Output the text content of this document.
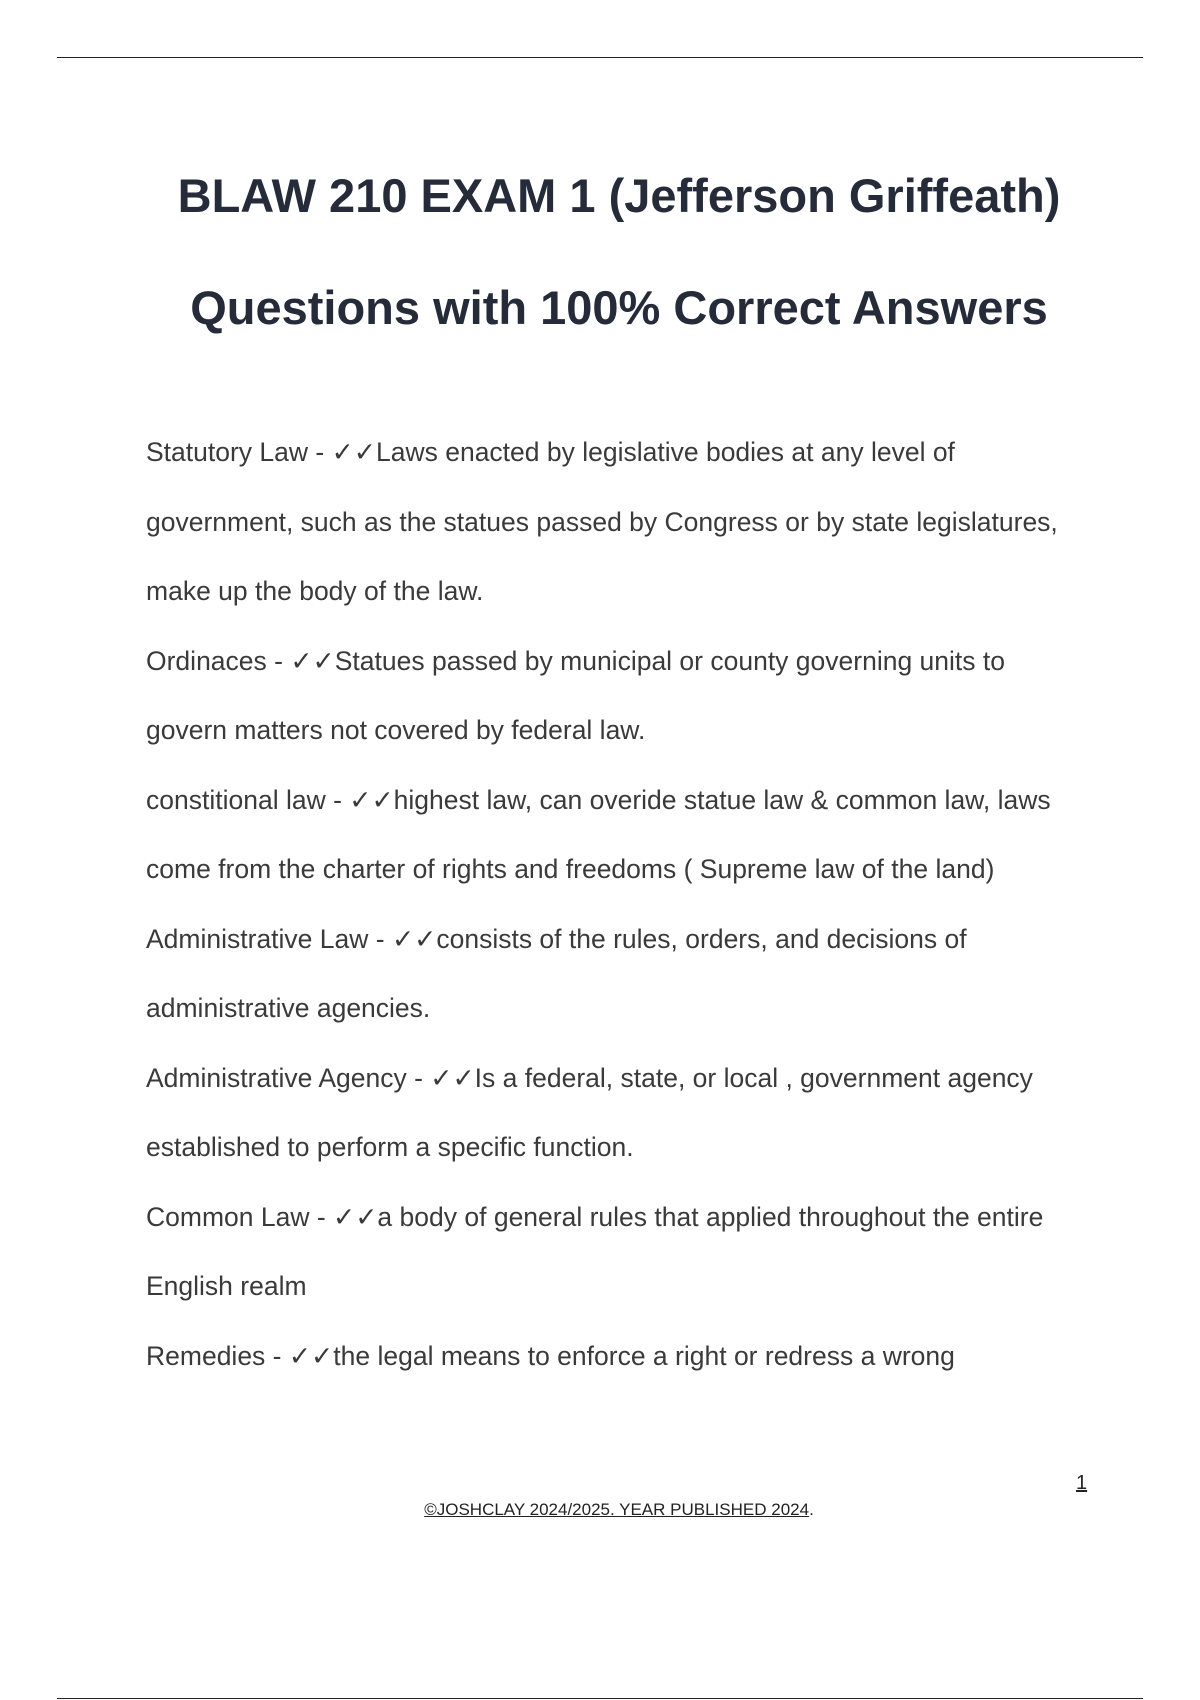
BLAW 210 EXAM 1 (Jefferson Griffeath)
Questions with 100% Correct Answers

Statutory Law - ✓✓Laws enacted by legislative bodies at any level of government, such as the statues passed by Congress or by state legislatures, make up the body of the law.

Ordinaces - ✓✓Statues passed by municipal or county governing units to govern matters not covered by federal law.

constitional law - ✓✓highest law, can overide statue law & common law, laws come from the charter of rights and freedoms ( Supreme law of the land)

Administrative Law - ✓✓consists of the rules, orders, and decisions of administrative agencies.

Administrative Agency - ✓✓Is a federal, state, or local , government agency established to perform a specific function.

Common Law - ✓✓a body of general rules that applied throughout the entire English realm

Remedies - ✓✓the legal means to enforce a right or redress a wrong

1
©JOSHCLAY 2024/2025. YEAR PUBLISHED 2024.
